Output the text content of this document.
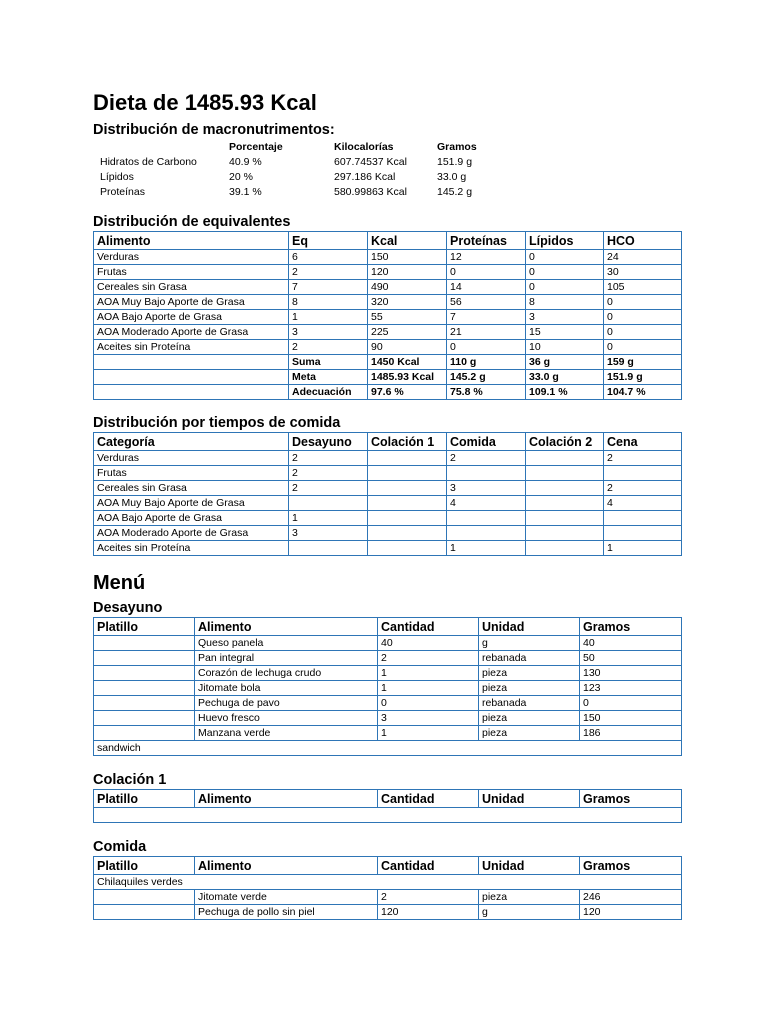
Dieta de 1485.93 Kcal
Distribución de macronutrimentos:
	Porcentaje	Kilocalorías	Gramos
Hidratos de Carbono	40.9 %	607.74537 Kcal	151.9 g
Lípidos	20 %	297.186 Kcal	33.0 g
Proteínas	39.1 %	580.99863 Kcal	145.2 g
Distribución de equivalentes
Alimento	Eq	Kcal	Proteínas	Lípidos	HCO
Verduras	6	150	12	0	24
Frutas	2	120	0	0	30
Cereales sin Grasa	7	490	14	0	105
AOA Muy Bajo Aporte de Grasa	8	320	56	8	0
AOA Bajo Aporte de Grasa	1	55	7	3	0
AOA Moderado Aporte de Grasa	3	225	21	15	0
Aceites sin Proteína	2	90	0	10	0
	Suma	1450 Kcal	110 g	36 g	159 g
	Meta	1485.93 Kcal	145.2 g	33.0 g	151.9 g
	Adecuación	97.6 %	75.8 %	109.1 %	104.7 %
Distribución por tiempos de comida
Categoría	Desayuno	Colación 1	Comida	Colación 2	Cena
Verduras	2		2		2
Frutas	2				
Cereales sin Grasa	2		3		2
AOA Muy Bajo Aporte de Grasa			4		4
AOA Bajo Aporte de Grasa	1				
AOA Moderado Aporte de Grasa	3				
Aceites sin Proteína			1		1
Menú
Desayuno
Platillo	Alimento	Cantidad	Unidad	Gramos
	Queso panela	40	g	40
	Pan integral	2	rebanada	50
	Corazón de lechuga crudo	1	pieza	130
	Jitomate bola	1	pieza	123
	Pechuga de pavo	0	rebanada	0
	Huevo fresco	3	pieza	150
	Manzana verde	1	pieza	186
sandwich				
Colación 1
Platillo	Alimento	Cantidad	Unidad	Gramos

Comida
Platillo	Alimento	Cantidad	Unidad	Gramos
Chilaquiles verdes				
	Jitomate verde	2	pieza	246
	Pechuga de pollo sin piel	120	g	120
